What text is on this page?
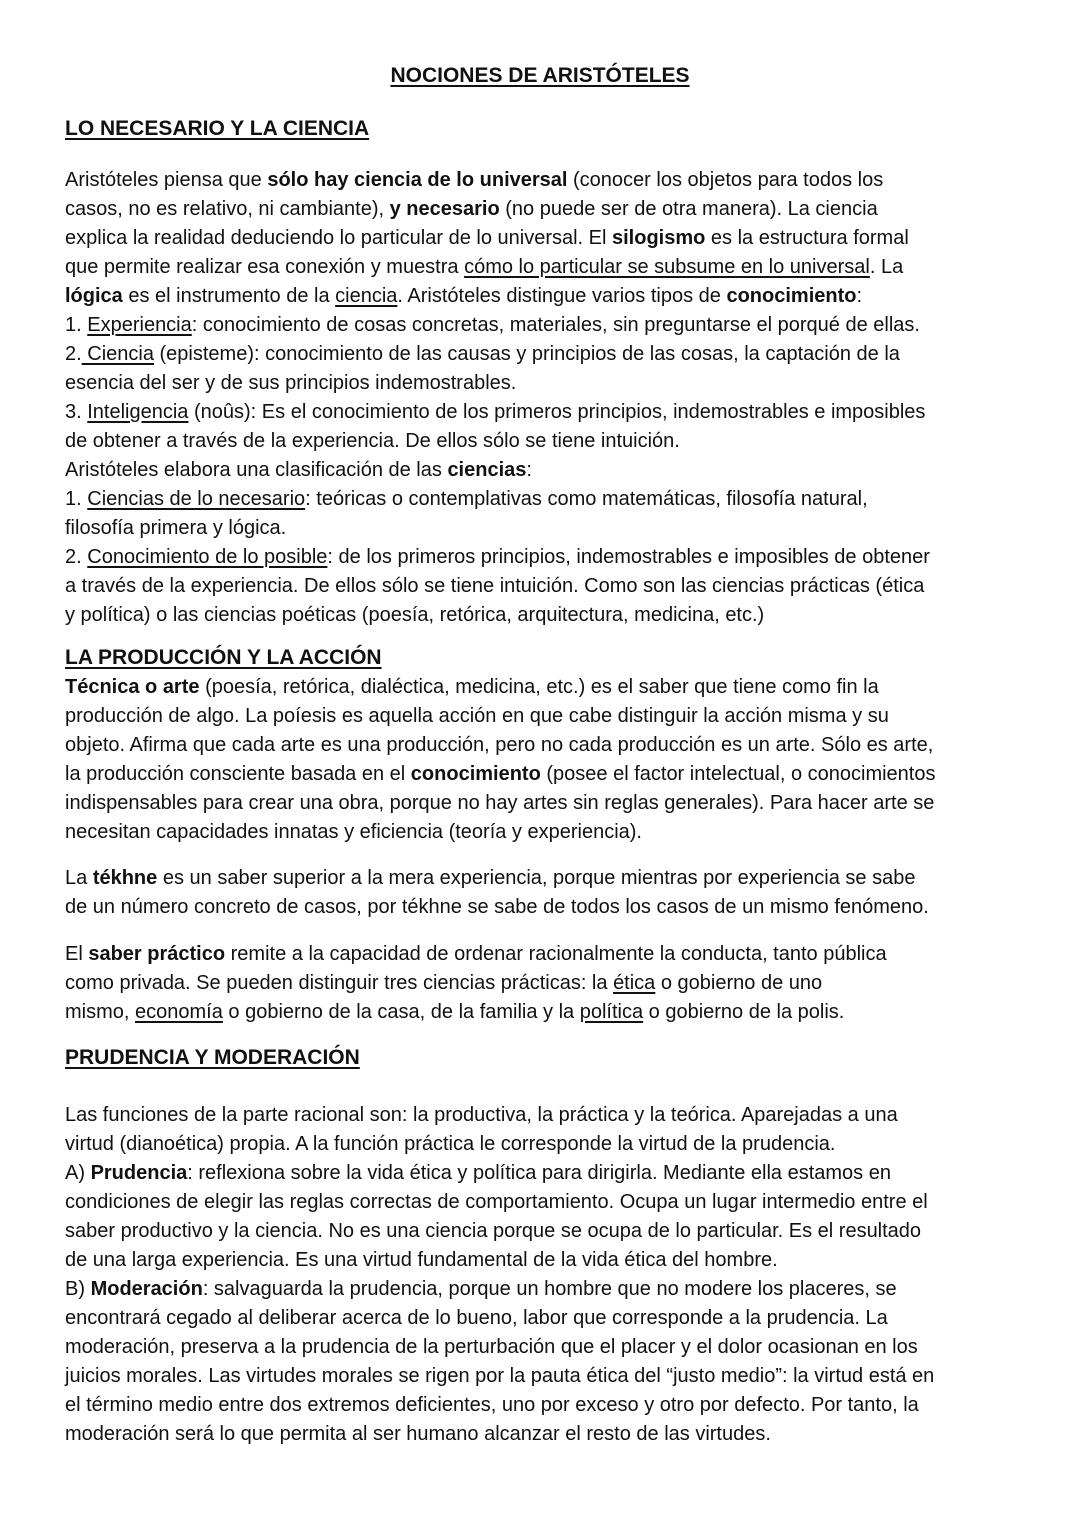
NOCIONES DE ARISTÓTELES
LO NECESARIO Y LA CIENCIA
Aristóteles piensa que sólo hay ciencia de lo universal (conocer los objetos para todos los
casos, no es relativo, ni cambiante), y necesario (no puede ser de otra manera). La ciencia
explica la realidad deduciendo lo particular de lo universal. El silogismo es la estructura formal
que permite realizar esa conexión y muestra cómo lo particular se subsume en lo universal. La
lógica es el instrumento de la ciencia. Aristóteles distingue varios tipos de conocimiento:
1. Experiencia: conocimiento de cosas concretas, materiales, sin preguntarse el porqué de ellas.
2. Ciencia (episteme): conocimiento de las causas y principios de las cosas, la captación de la
esencia del ser y de sus principios indemostrables.
3. Inteligencia (noûs): Es el conocimiento de los primeros principios, indemostrables e imposibles
de obtener a través de la experiencia. De ellos sólo se tiene intuición.
Aristóteles elabora una clasificación de las ciencias:
1. Ciencias de lo necesario: teóricas o contemplativas como matemáticas, filosofía natural,
filosofía primera y lógica.
2. Conocimiento de lo posible: de los primeros principios, indemostrables e imposibles de obtener
a través de la experiencia. De ellos sólo se tiene intuición. Como son las ciencias prácticas (ética
y política) o las ciencias poéticas (poesía, retórica, arquitectura, medicina, etc.)
LA PRODUCCIÓN Y LA ACCIÓN
Técnica o arte (poesía, retórica, dialéctica, medicina, etc.) es el saber que tiene como fin la
producción de algo. La poíesis es aquella acción en que cabe distinguir la acción misma y su
objeto. Afirma que cada arte es una producción, pero no cada producción es un arte. Sólo es arte,
la producción consciente basada en el conocimiento (posee el factor intelectual, o conocimientos
indispensables para crear una obra, porque no hay artes sin reglas generales). Para hacer arte se
necesitan capacidades innatas y eficiencia (teoría y experiencia).
La tékhne es un saber superior a la mera experiencia, porque mientras por experiencia se sabe
de un número concreto de casos, por tékhne se sabe de todos los casos de un mismo fenómeno.
El saber práctico remite a la capacidad de ordenar racionalmente la conducta, tanto pública
como privada. Se pueden distinguir tres ciencias prácticas: la ética o gobierno de uno
mismo, economía o gobierno de la casa, de la familia y la política o gobierno de la polis.
PRUDENCIA Y MODERACIÓN
Las funciones de la parte racional son: la productiva, la práctica y la teórica. Aparejadas a una
virtud (dianoética) propia. A la función práctica le corresponde la virtud de la prudencia.
A) Prudencia: reflexiona sobre la vida ética y política para dirigirla. Mediante ella estamos en
condiciones de elegir las reglas correctas de comportamiento. Ocupa un lugar intermedio entre el
saber productivo y la ciencia. No es una ciencia porque se ocupa de lo particular. Es el resultado
de una larga experiencia. Es una virtud fundamental de la vida ética del hombre.
B) Moderación: salvaguarda la prudencia, porque un hombre que no modere los placeres, se
encontrará cegado al deliberar acerca de lo bueno, labor que corresponde a la prudencia. La
moderación, preserva a la prudencia de la perturbación que el placer y el dolor ocasionan en los
juicios morales. Las virtudes morales se rigen por la pauta ética del “justo medio”: la virtud está en
el término medio entre dos extremos deficientes, uno por exceso y otro por defecto. Por tanto, la
moderación será lo que permita al ser humano alcanzar el resto de las virtudes.
